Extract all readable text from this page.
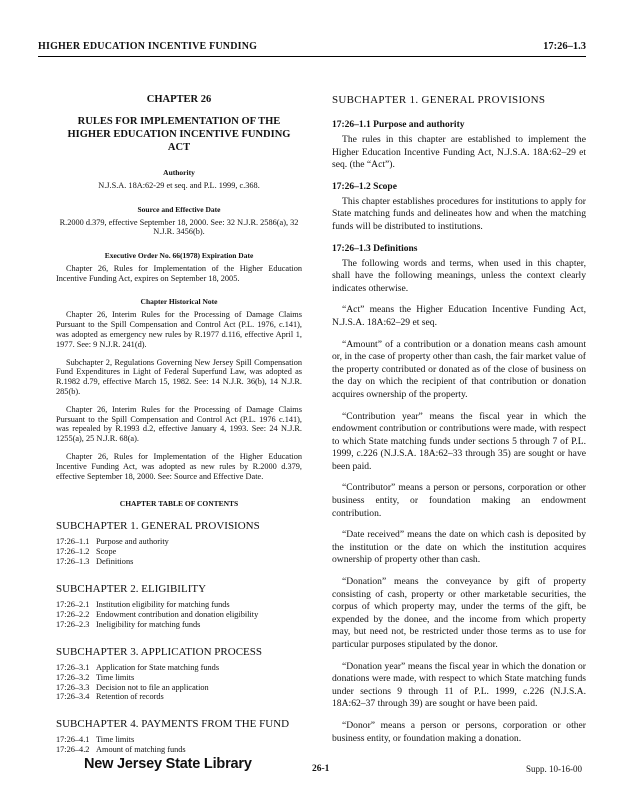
HIGHER EDUCATION INCENTIVE FUNDING	17:26–1.3
CHAPTER 26
RULES FOR IMPLEMENTATION OF THE HIGHER EDUCATION INCENTIVE FUNDING ACT
Authority
N.J.S.A. 18A:62-29 et seq. and P.L. 1999, c.368.
Source and Effective Date
R.2000 d.379, effective September 18, 2000. See: 32 N.J.R. 2586(a), 32 N.J.R. 3456(b).
Executive Order No. 66(1978) Expiration Date
Chapter 26, Rules for Implementation of the Higher Education Incentive Funding Act, expires on September 18, 2005.
Chapter Historical Note

Chapter 26, Interim Rules for the Processing of Damage Claims Pursuant to the Spill Compensation and Control Act (P.L. 1976, c.141), was adopted as emergency new rules by R.1977 d.116, effective April 1, 1977. See: 9 N.J.R. 241(d).

Subchapter 2, Regulations Governing New Jersey Spill Compensation Fund Expenditures in Light of Federal Superfund Law, was adopted as R.1982 d.79, effective March 15, 1982. See: 14 N.J.R. 36(b), 14 N.J.R. 285(b).

Chapter 26, Interim Rules for the Processing of Damage Claims Pursuant to the Spill Compensation and Control Act (P.L. 1976 c.141), was repealed by R.1993 d.2, effective January 4, 1993. See: 24 N.J.R. 1255(a), 25 N.J.R. 68(a).

Chapter 26, Rules for Implementation of the Higher Education Incentive Funding Act, was adopted as new rules by R.2000 d.379, effective September 18, 2000. See: Source and Effective Date.

CHAPTER TABLE OF CONTENTS
SUBCHAPTER 1. GENERAL PROVISIONS
17:26–1.1 Purpose and authority
17:26–1.2 Scope
17:26–1.3 Definitions
SUBCHAPTER 2. ELIGIBILITY
17:26–2.1 Institution eligibility for matching funds
17:26–2.2 Endowment contribution and donation eligibility
17:26–2.3 Ineligibility for matching funds
SUBCHAPTER 3. APPLICATION PROCESS
17:26–3.1 Application for State matching funds
17:26–3.2 Time limits
17:26–3.3 Decision not to file an application
17:26–3.4 Retention of records
SUBCHAPTER 4. PAYMENTS FROM THE FUND
17:26–4.1 Time limits
17:26–4.2 Amount of matching funds
SUBCHAPTER 1. GENERAL PROVISIONS
17:26–1.1 Purpose and authority

The rules in this chapter are established to implement the Higher Education Incentive Funding Act, N.J.S.A. 18A:62–29 et seq. (the “Act”).

17:26–1.2 Scope

This chapter establishes procedures for institutions to apply for State matching funds and delineates how and when the matching funds will be distributed to institutions.

17:26–1.3 Definitions

The following words and terms, when used in this chapter, shall have the following meanings, unless the context clearly indicates otherwise.

“Act” means the Higher Education Incentive Funding Act, N.J.S.A. 18A:62–29 et seq.

“Amount” of a contribution or a donation means cash amount or, in the case of property other than cash, the fair market value of the property contributed or donated as of the close of business on the day on which the recipient of that contribution or donation acquires ownership of the property.

“Contribution year” means the fiscal year in which the endowment contribution or contributions were made, with respect to which State matching funds under sections 5 through 7 of P.L. 1999, c.226 (N.J.S.A. 18A:62–33 through 35) are sought or have been paid.

“Contributor” means a person or persons, corporation or other business entity, or foundation making an endowment contribution.

“Date received” means the date on which cash is deposited by the institution or the date on which the institution acquires ownership of property other than cash.

“Donation” means the conveyance by gift of property consisting of cash, property or other marketable securities, the corpus of which property may, under the terms of the gift, be expended by the donee, and the income from which property may, but need not, be restricted under those terms as to use for particular purposes stipulated by the donor.

“Donation year” means the fiscal year in which the donation or donations were made, with respect to which State matching funds under sections 9 through 11 of P.L. 1999, c.226 (N.J.S.A. 18A:62–37 through 39) are sought or have been paid.

“Donor” means a person or persons, corporation or other business entity, or foundation making a donation.

New Jersey State Library	26-1	Supp. 10-16-00
